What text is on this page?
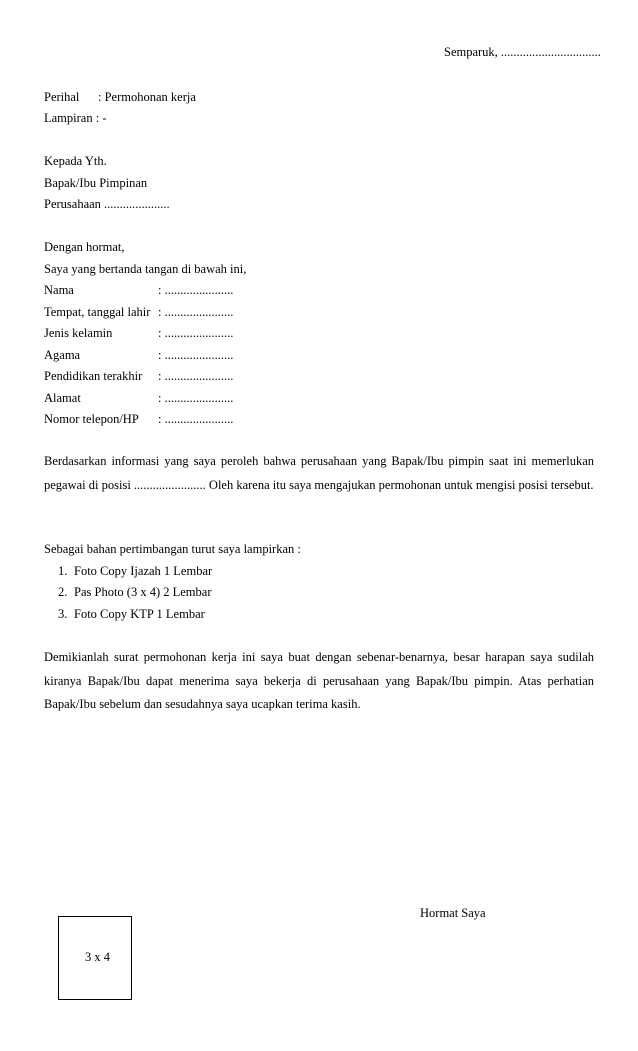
Semparuk, ................................
Perihal : Permohonan kerja
Lampiran : -
Kepada Yth.
Bapak/Ibu Pimpinan
Perusahaan .....................
Dengan hormat,
Saya yang bertanda tangan di bawah ini,
Nama	: ......................
Tempat, tanggal lahir : ......................
Jenis kelamin	: ......................
Agama	: ......................
Pendidikan terakhir : ......................
Alamat	: ......................
Nomor telepon/HP : ......................

Berdasarkan informasi yang saya peroleh bahwa perusahaan yang Bapak/Ibu pimpin saat ini memerlukan pegawai di posisi ....................... Oleh karena itu saya mengajukan permohonan untuk mengisi posisi tersebut.

Sebagai bahan pertimbangan turut saya lampirkan :
1. Foto Copy Ijazah 1 Lembar
2. Pas Photo (3 x 4) 2 Lembar
3. Foto Copy KTP 1 Lembar

Demikianlah surat permohonan kerja ini saya buat dengan sebenar-benarnya, besar harapan saya sudilah kiranya Bapak/Ibu dapat menerima saya bekerja di perusahaan yang Bapak/Ibu pimpin. Atas perhatian Bapak/Ibu sebelum dan sesudahnya saya ucapkan terima kasih.

Hormat Saya
3 x 4
